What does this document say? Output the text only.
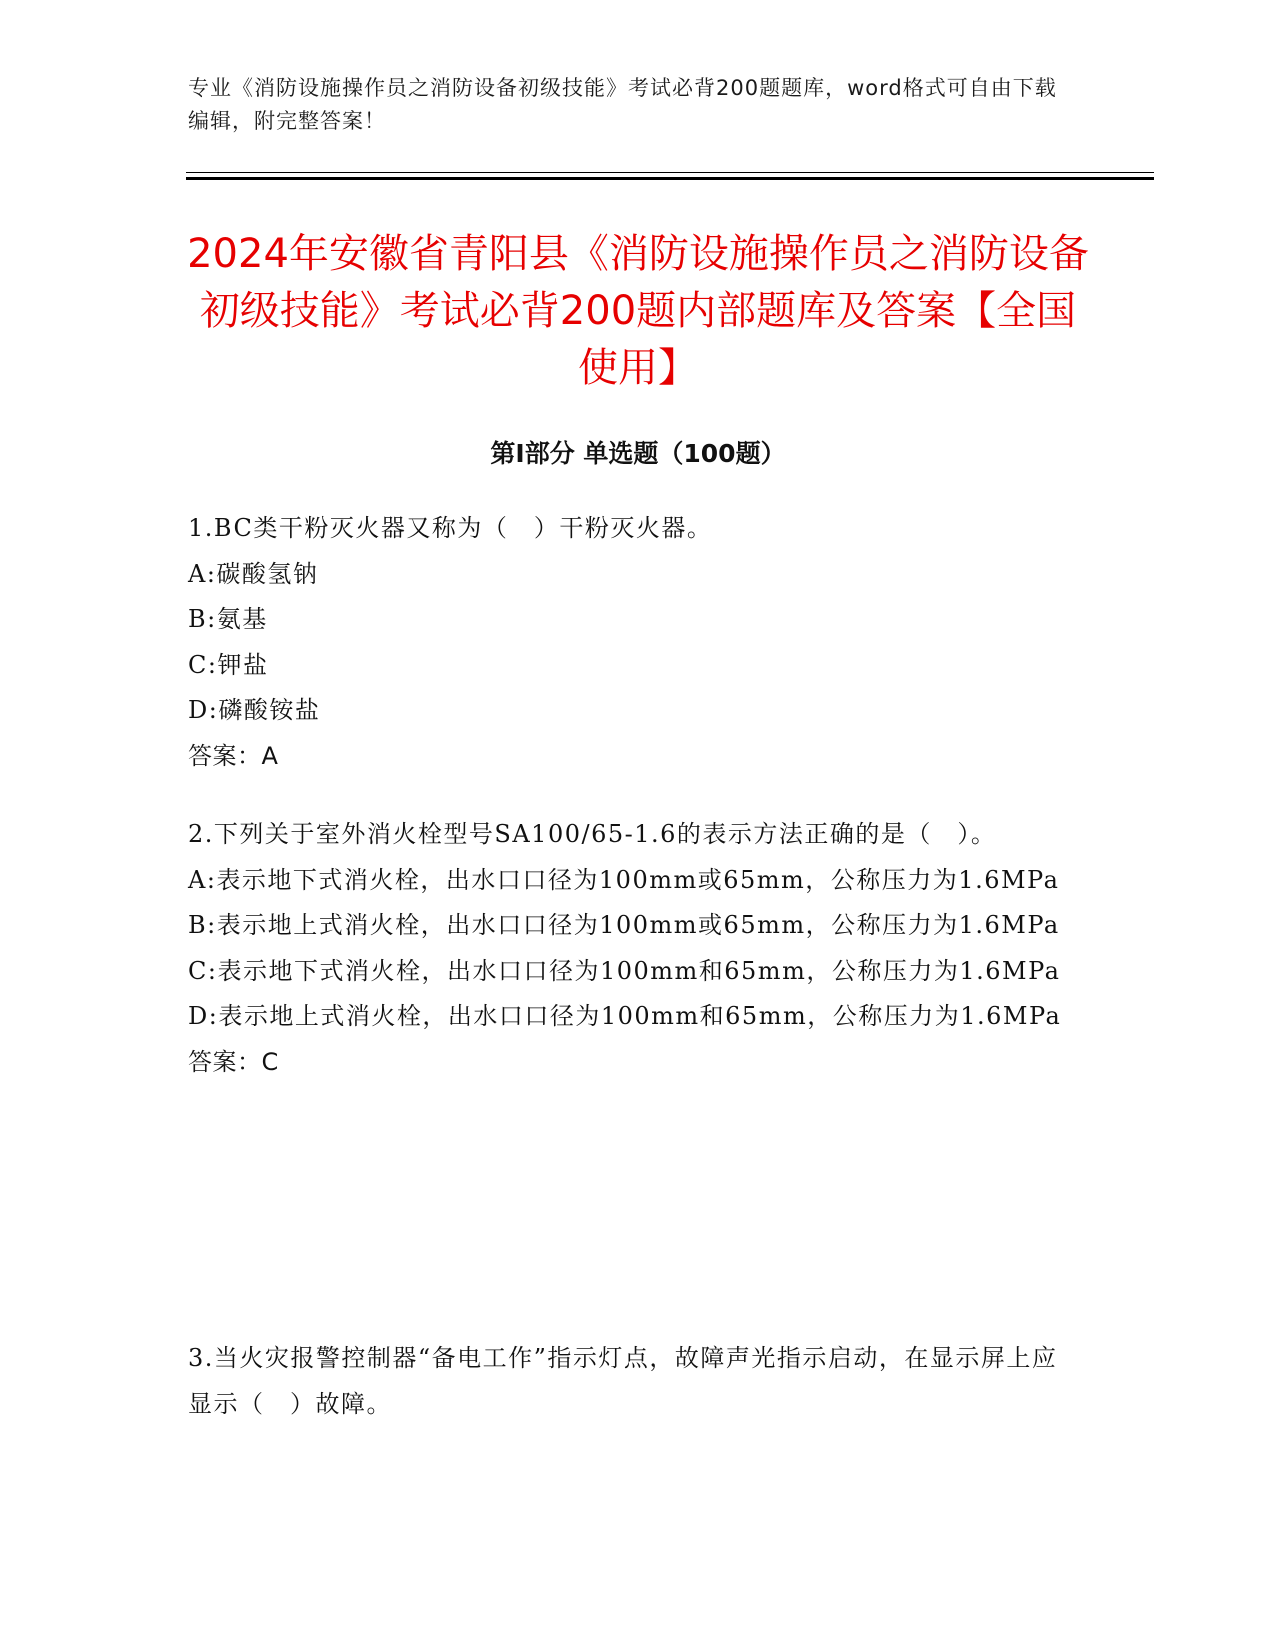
专业《消防设施操作员之消防设备初级技能》考试必背200题题库，word格式可自由下载编辑，附完整答案！
2024年安徽省青阳县《消防设施操作员之消防设备初级技能》考试必背200题内部题库及答案【全国使用】
第I部分 单选题（100题）

1.BC类干粉灭火器又称为（　）干粉灭火器。

A:碳酸氢钠

B:氨基

C:钾盐

D:磷酸铵盐

答案：A

2.下列关于室外消火栓型号SA100/65-1.6的表示方法正确的是（　）。

A:表示地下式消火栓，出水口口径为100mm或65mm，公称压力为1.6MPa

B:表示地上式消火栓，出水口口径为100mm或65mm，公称压力为1.6MPa

C:表示地下式消火栓，出水口口径为100mm和65mm，公称压力为1.6MPa

D:表示地上式消火栓，出水口口径为100mm和65mm，公称压力为1.6MPa

答案：C

3.当火灾报警控制器“备电工作”指示灯点，故障声光指示启动，在显示屏上应显示（　）故障。
